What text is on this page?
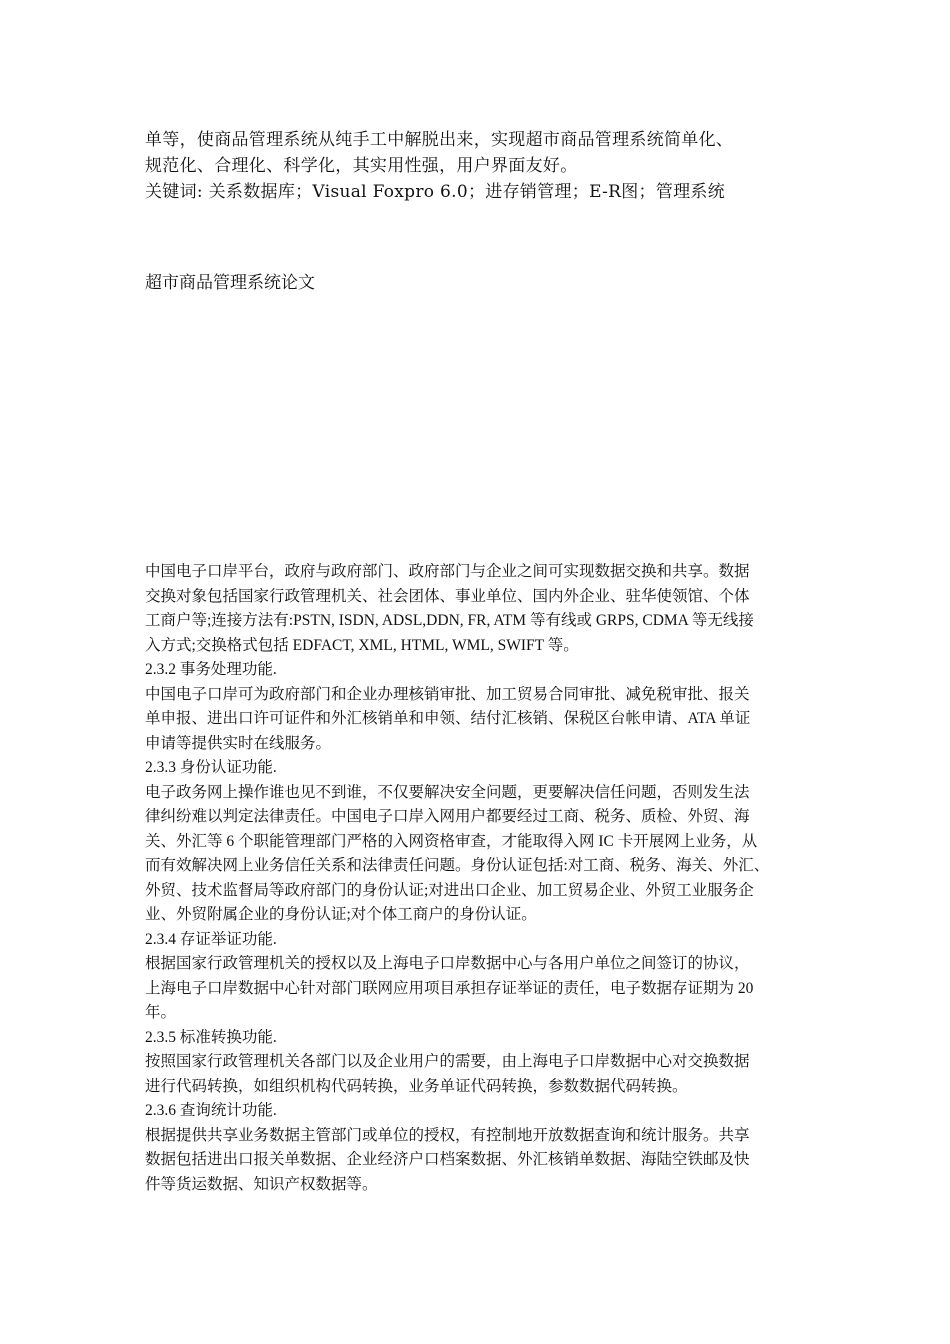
单等，使商品管理系统从纯手工中解脱出来，实现超市商品管理系统简单化、

规范化、合理化、科学化，其实用性强，用户界面友好。

关键词: 关系数据库；Visual Foxpro 6.0；进存销管理；E-R图；管理系统

超市商品管理系统论文

中国电子口岸平台，政府与政府部门、政府部门与企业之间可实现数据交换和共享。数据

交换对象包括国家行政管理机关、社会团体、事业单位、国内外企业、驻华使领馆、个体

工商户等;连接方法有:PSTN, ISDN, ADSL,DDN, FR, ATM 等有线或 GRPS, CDMA 等无线接

入方式;交换格式包括 EDFACT, XML, HTML, WML, SWIFT 等。

2.3.2 事务处理功能.

中国电子口岸可为政府部门和企业办理核销审批、加工贸易合同审批、减免税审批、报关

单申报、进出口许可证件和外汇核销单和申领、结付汇核销、保税区台帐申请、ATA 单证

申请等提供实时在线服务。

2.3.3 身份认证功能.

电子政务网上操作谁也见不到谁，不仅要解决安全问题，更要解决信任问题，否则发生法

律纠纷难以判定法律责任。中国电子口岸入网用户都要经过工商、税务、质检、外贸、海

关、外汇等 6 个职能管理部门严格的入网资格审查，才能取得入网 IC 卡开展网上业务，从

而有效解决网上业务信任关系和法律责任问题。身份认证包括:对工商、税务、海关、外汇、

外贸、技术监督局等政府部门的身份认证;对进出口企业、加工贸易企业、外贸工业服务企

业、外贸附属企业的身份认证;对个体工商户的身份认证。

2.3.4 存证举证功能.

根据国家行政管理机关的授权以及上海电子口岸数据中心与各用户单位之间签订的协议，

上海电子口岸数据中心针对部门联网应用项目承担存证举证的责任，电子数据存证期为 20

年。

2.3.5 标准转换功能.

按照国家行政管理机关各部门以及企业用户的需要，由上海电子口岸数据中心对交换数据

进行代码转换，如组织机构代码转换，业务单证代码转换，参数数据代码转换。

2.3.6 查询统计功能.

根据提供共享业务数据主管部门或单位的授权，有控制地开放数据查询和统计服务。共享

数据包括进出口报关单数据、企业经济户口档案数据、外汇核销单数据、海陆空铁邮及快

件等货运数据、知识产权数据等。
